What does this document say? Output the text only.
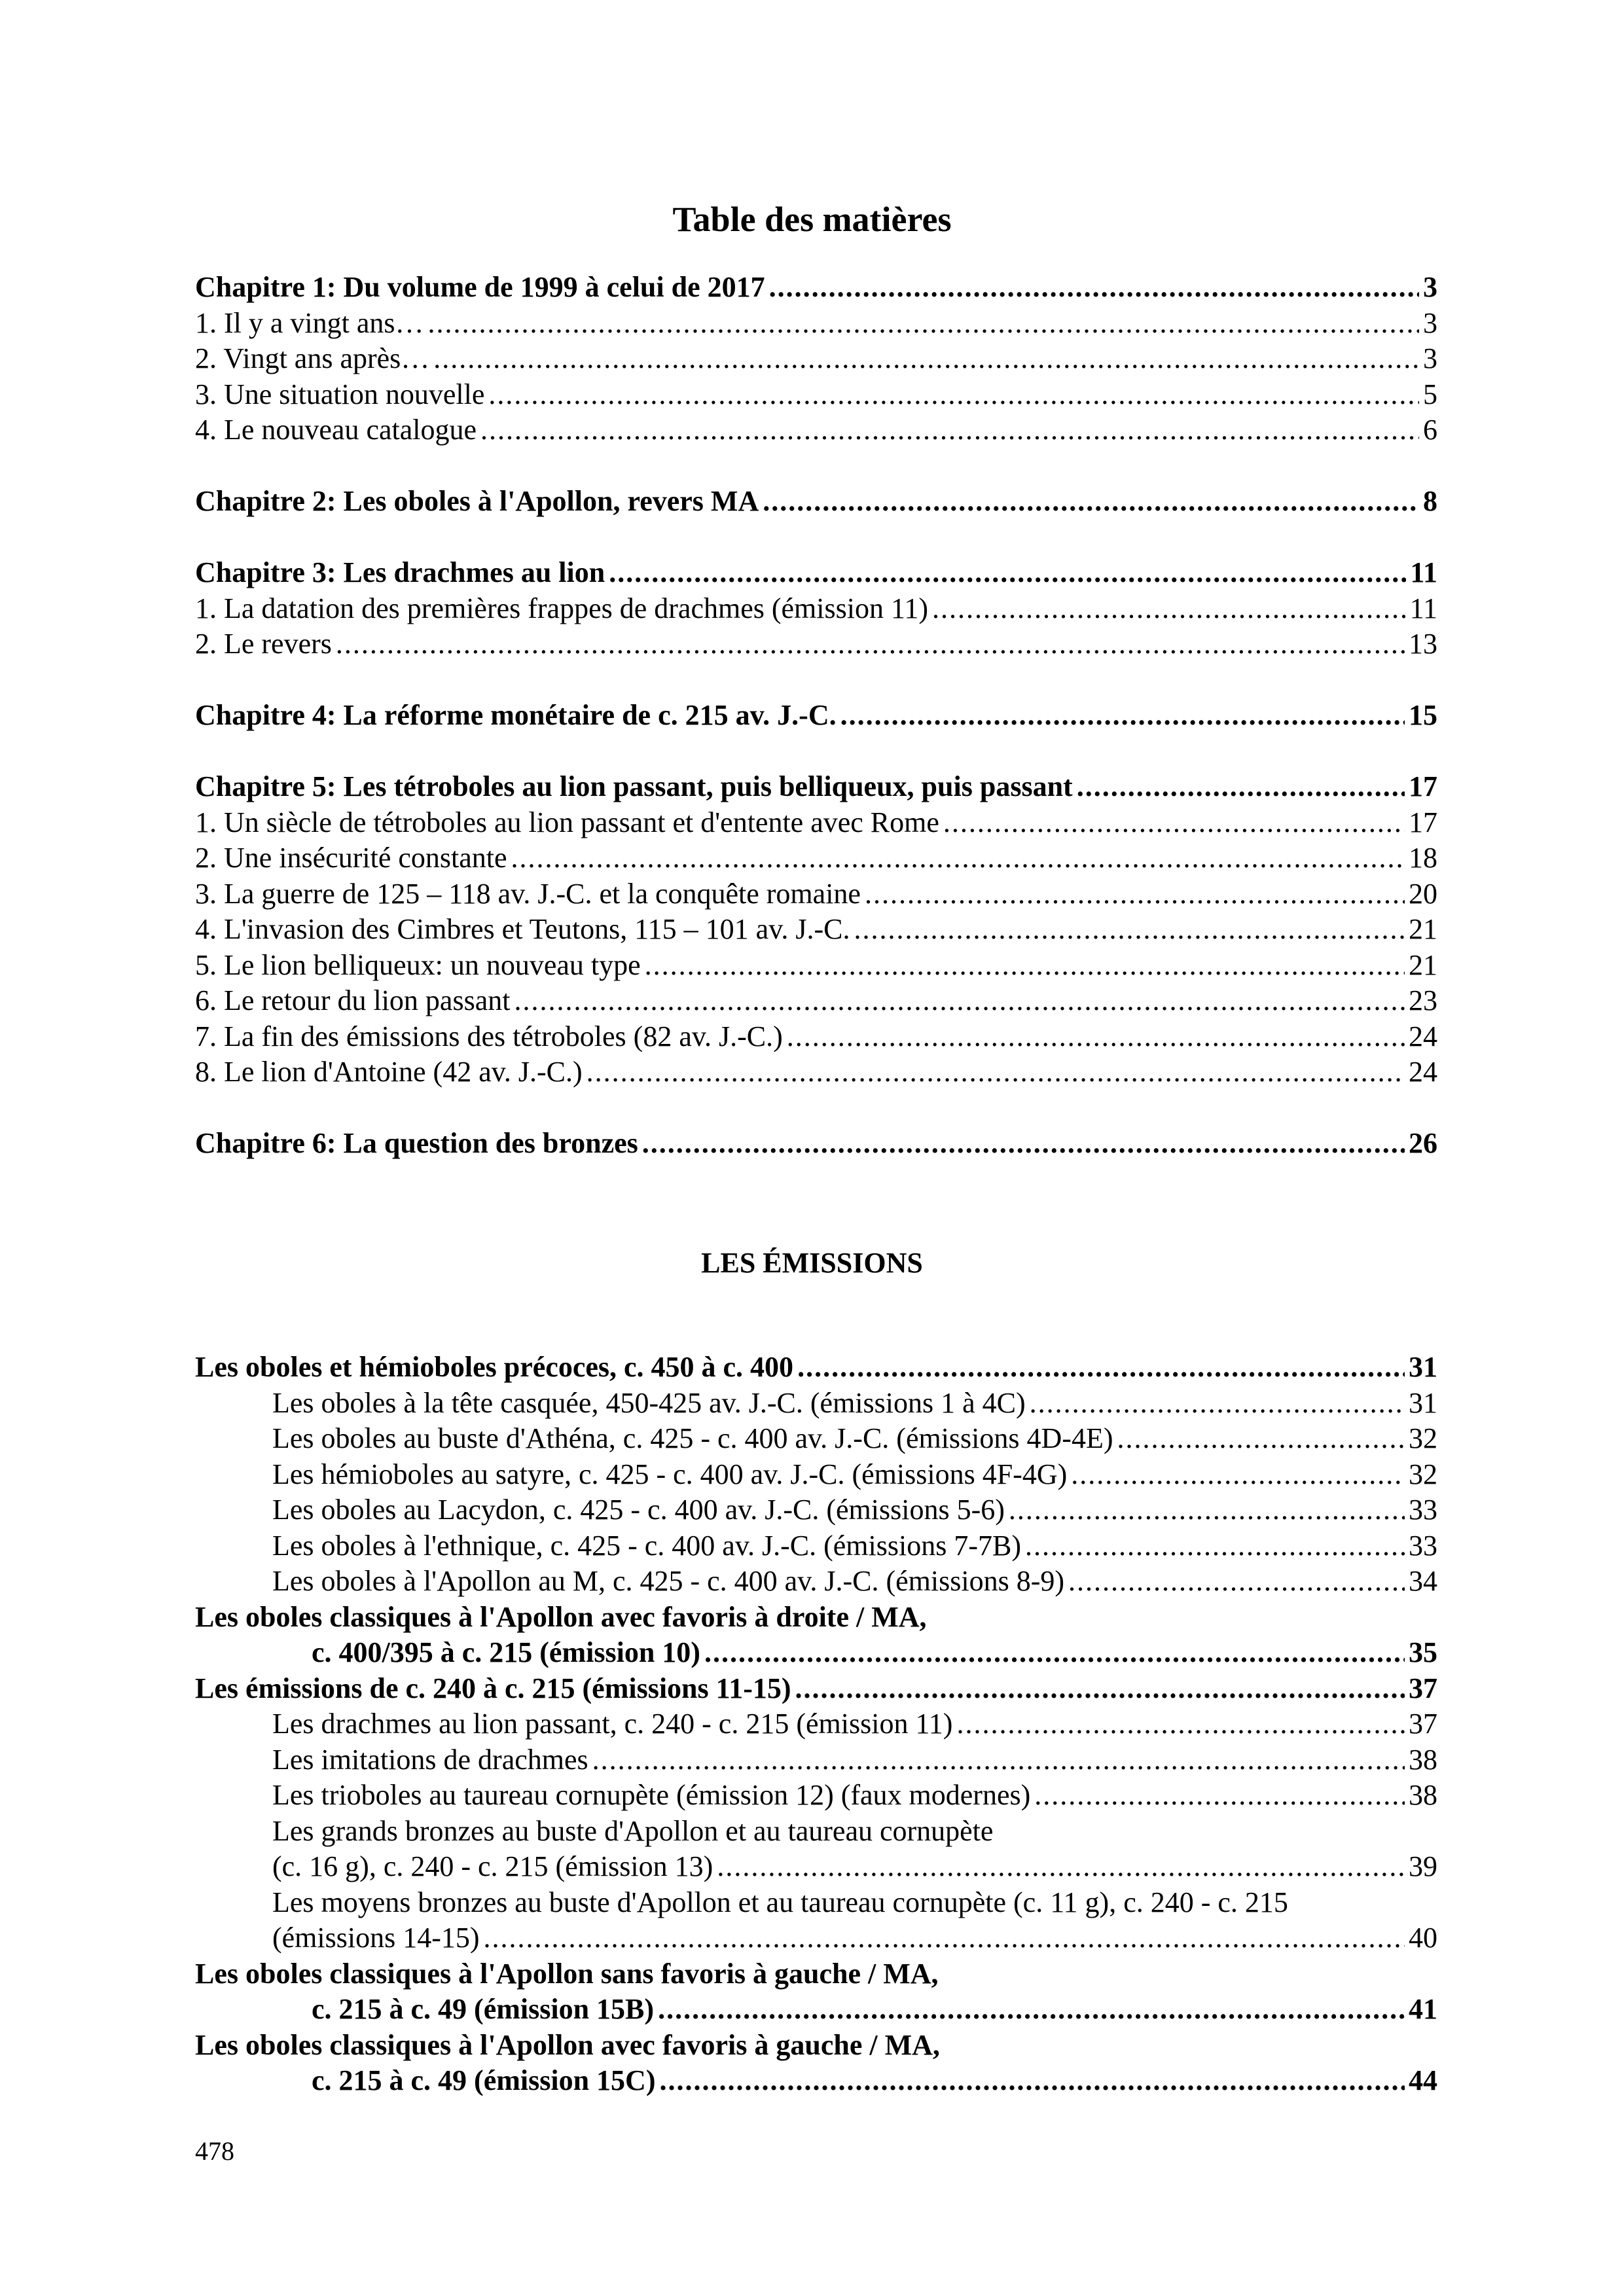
Table des matières
Chapitre 1: Du volume de 1999 à celui de 2017 .....	3
1. Il y a vingt ans… .....	3
2. Vingt ans après… .....	3
3. Une situation nouvelle .....	5
4. Le nouveau catalogue .....	6
Chapitre 2: Les oboles à l'Apollon, revers MA .....	8
Chapitre 3: Les drachmes au lion .....	11
1. La datation des premières frappes de drachmes (émission 11) .....	11
2. Le revers .....	13
Chapitre 4: La réforme monétaire de c. 215 av. J.-C. .....	15
Chapitre 5: Les tétroboles au lion passant, puis belliqueux, puis passant .....	17
1. Un siècle de tétroboles au lion passant et d'entente avec Rome .....	17
2. Une insécurité constante .....	18
3. La guerre de 125 – 118 av. J.-C. et la conquête romaine .....	20
4. L'invasion des Cimbres et Teutons, 115 – 101 av. J.-C. .....	21
5. Le lion belliqueux: un nouveau type .....	21
6. Le retour du lion passant .....	23
7. La fin des émissions des tétroboles (82 av. J.-C.) .....	24
8. Le lion d'Antoine (42 av. J.-C.) .....	24
Chapitre 6: La question des bronzes .....	26
LES ÉMISSIONS
Les oboles et hémioboles précoces, c. 450 à c. 400 .....	31
Les oboles à la tête casquée, 450-425 av. J.-C. (émissions 1 à 4C) .....	31
Les oboles au buste d'Athéna, c. 425 - c. 400 av. J.-C. (émissions 4D-4E) .....	32
Les hémioboles au satyre, c. 425 - c. 400 av. J.-C. (émissions 4F-4G) .....	32
Les oboles au Lacydon, c. 425 - c. 400 av. J.-C. (émissions 5-6) .....	33
Les oboles à l'ethnique, c. 425 - c. 400 av. J.-C. (émissions 7-7B) .....	33
Les oboles à l'Apollon au M, c. 425 - c. 400 av. J.-C. (émissions 8-9) .....	34
Les oboles classiques à l'Apollon avec favoris à droite / MA,
c. 400/395 à c. 215 (émission 10) .....	35
Les émissions de c. 240 à c. 215 (émissions 11-15) .....	37
Les drachmes au lion passant, c. 240 - c. 215 (émission 11) .....	37
Les imitations de drachmes .....	38
Les trioboles au taureau cornupète (émission 12) (faux modernes) .....	38
Les grands bronzes au buste d'Apollon et au taureau cornupète
(c. 16 g), c. 240 - c. 215 (émission 13) .....	39
Les moyens bronzes au buste d'Apollon et au taureau cornupète (c. 11 g), c. 240 - c. 215
(émissions 14-15) .....	40
Les oboles classiques à l'Apollon sans favoris à gauche / MA,
c. 215 à c. 49 (émission 15B) .....	41
Les oboles classiques à l'Apollon avec favoris à gauche / MA,
c. 215 à c. 49 (émission 15C) .....	44
478
